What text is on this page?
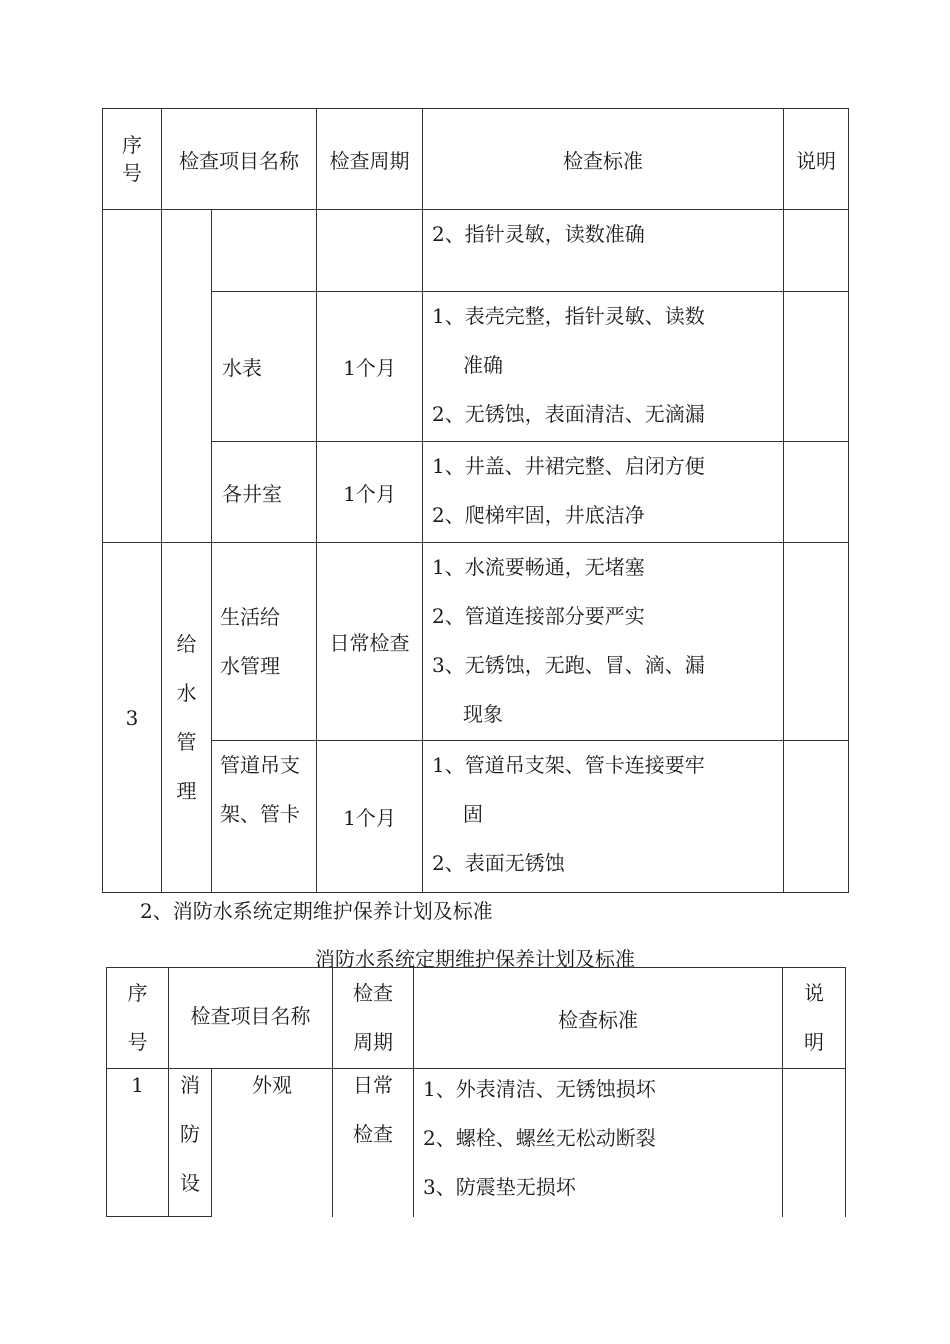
序号	检查项目名称		检查周期	检查标准	说明

				2、指针灵敏，读数准确	

		水表	1个月	1、表壳完整，指针灵敏、读数
准确
2、无锈蚀，表面清洁、无滴漏	

		各井室	1个月	1、井盖、井裙完整、启闭方便
2、爬梯牢固，井底洁净	

3	给水管理	生活给水管理	日常检查	1、水流要畅通，无堵塞
2、管道连接部分要严实
3、无锈蚀，无跑、冒、滴、漏
现象	

		管道吊支架、管卡	1个月	1、管道吊支架、管卡连接要牢
固
2、表面无锈蚀	

2、消防水系统定期维护保养计划及标准
消防水系统定期维护保养计划及标准
序号	检查项目名称		检查周期	检查标准	说明

1	消防设	外观	日常检查	1、外表清洁、无锈蚀损坏
2、螺栓、螺丝无松动断裂
3、防震垫无损坏	
